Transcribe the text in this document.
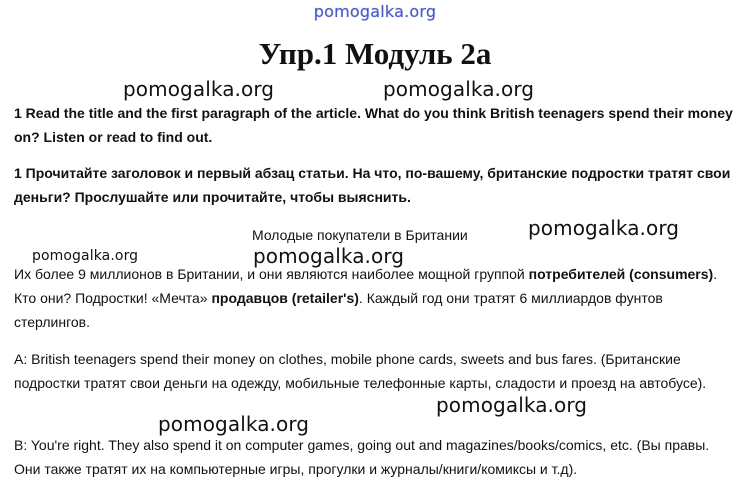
pomogalka.org
Упр.1 Модуль 2а
pomogalka.org	pomogalka.org
1 Read the title and the first paragraph of the article. What do you think British teenagers spend their money on? Listen or read to find out.
1 Прочитайте заголовок и первый абзац статьи. На что, по-вашему, британские подростки тратят свои деньги? Прослушайте или прочитайте, чтобы выяснить.
Молодые покупатели в Британии	pomogalka.org
pomogalka.org	pomogalka.org
Их более 9 миллионов в Британии, и они являются наиболее мощной группой потребителей (consumers). Кто они? Подростки! «Мечта» продавцов (retailer's). Каждый год они тратят 6 миллиардов фунтов стерлингов.
A: British teenagers spend their money on clothes, mobile phone cards, sweets and bus fares. (Британские подростки тратят свои деньги на одежду, мобильные телефонные карты, сладости и проезд на автобусе).
pomogalka.org
pomogalka.org
B: You're right. They also spend it on computer games, going out and magazines/books/comics, etc. (Вы правы. Они также тратят их на компьютерные игры, прогулки и журналы/книги/комиксы и т.д).
